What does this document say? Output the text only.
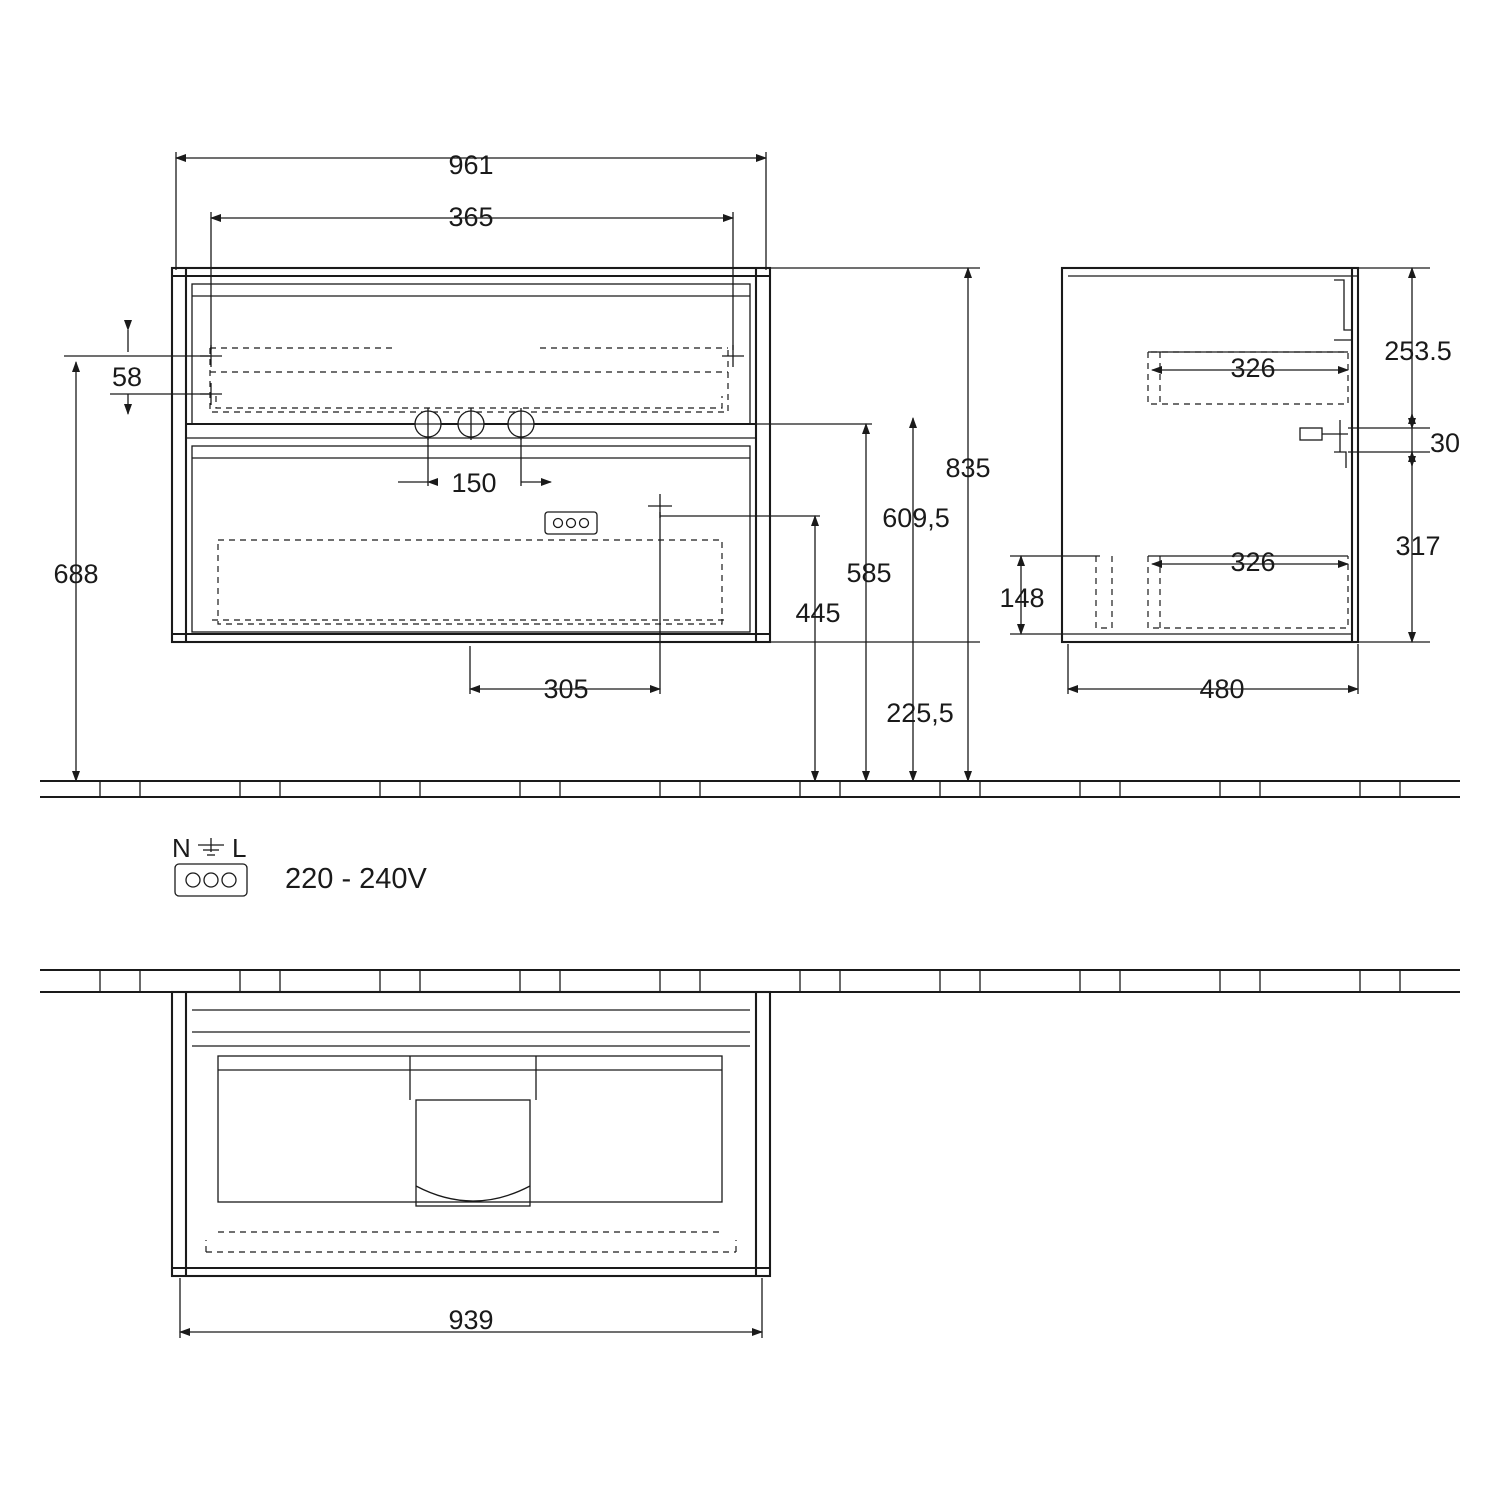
961
365
150
305
58
688
445
585
609,5
225,5
835
326
326
148
480
253.5
30
317
939
N L
220 - 240V
